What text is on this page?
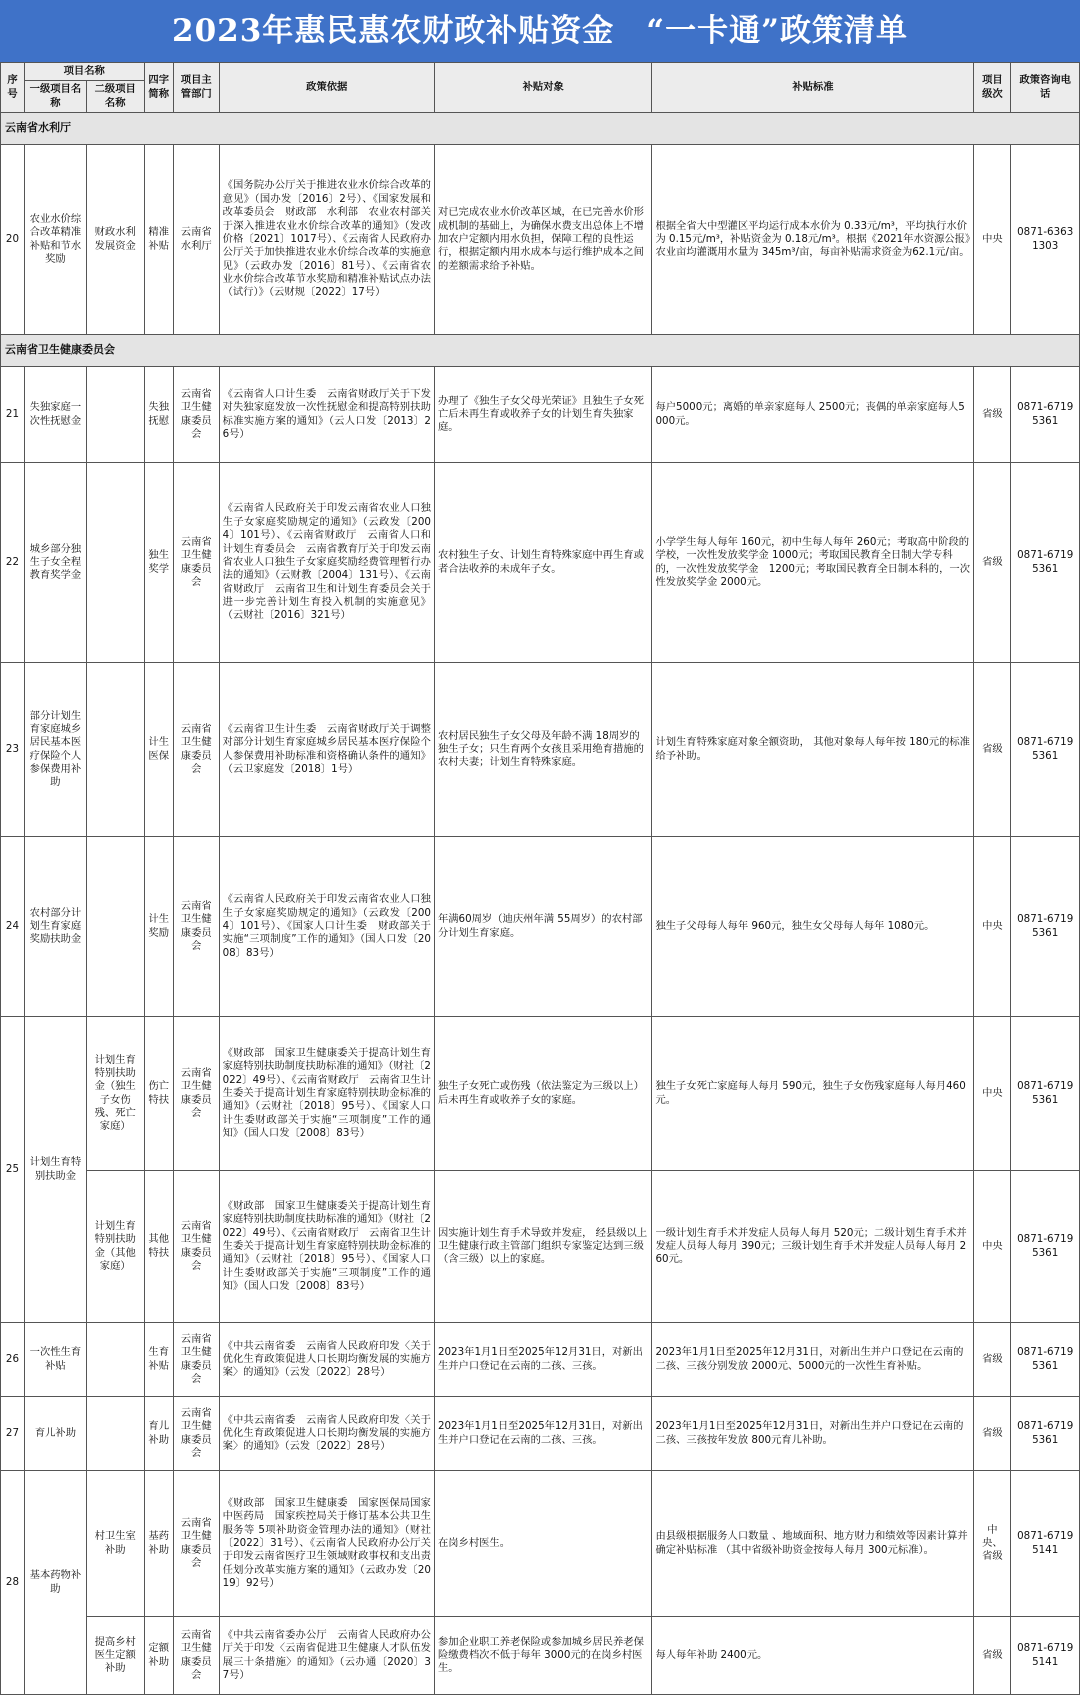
2023年惠民惠农财政补贴资金　“一卡通”政策清单
序号	项目名称		四字简称	项目主管部门	政策依据	补贴对象	补贴标准	项目级次	政策咨询电话
	一级项目名称	二级项目名称							
云南省水利厅									
20	农业水价综合改革精准补贴和节水奖励	财政水利发展资金	精准补贴	云南省水利厅	《国务院办公厅关于推进农业水价综合改革的意见》（国办发〔2016〕2号）、《国家发展和改革委员会　财政部　水利部　农业农村部关于深入推进农业水价综合改革的通知》（发改价格〔2021〕1017号）、《云南省人民政府办公厅关于加快推进农业水价综合改革的实施意见》（云政办发〔2016〕81号）、《云南省农业水价综合改革节水奖励和精准补贴试点办法（试行）》（云财规〔2022〕17号）	对已完成农业水价改革区域，在已完善水价形成机制的基础上，为确保水费支出总体上不增加农户定额内用水负担，保障工程的良性运行，根据定额内用水成本与运行维护成本之间的差额需求给予补贴。	根据全省大中型灌区平均运行成本水价为 0.33元/m³，平均执行水价为 0.15元/m³，补贴资金为 0.18元/m³。根据《2021年水资源公报》农业亩均灌溉用水量为 345m³/亩，每亩补贴需求资金为62.1元/亩。	中央	0871-63631303
云南省卫生健康委员会									
21	失独家庭一次性抚慰金		失独抚慰	云南省卫生健康委员会	《云南省人口计生委　云南省财政厅关于下发对失独家庭发放一次性抚慰金和提高特别扶助标准实施方案的通知》（云人口发〔2013〕26号）	办理了《独生子女父母光荣证》且独生子女死亡后未再生育或收养子女的计划生育失独家庭。	每户5000元；离婚的单亲家庭每人 2500元；丧偶的单亲家庭每人5000元。	省级	0871-67195361
22	城乡部分独生子女全程教育奖学金		独生奖学	云南省卫生健康委员会	《云南省人民政府关于印发云南省农业人口独生子女家庭奖励规定的通知》（云政发〔2004〕101号）、《云南省财政厅　云南省人口和计划生育委员会　云南省教育厅关于印发云南省农业人口独生子女家庭奖励经费管理暂行办法的通知》（云财教〔2004〕131号）、《云南省财政厅　云南省卫生和计划生育委员会关于进一步完善计划生育投入机制的实施意见》（云财社〔2016〕321号）	农村独生子女、计划生育特殊家庭中再生育或者合法收养的未成年子女。	小学学生每人每年 160元，初中生每人每年 260元；考取高中阶段的学校，一次性发放奖学金 1000元；考取国民教育全日制大学专科的，一次性发放奖学金　1200元；考取国民教育全日制本科的，一次性发放奖学金 2000元。	省级	0871-67195361
23	部分计划生育家庭城乡居民基本医疗保险个人参保费用补助		计生医保	云南省卫生健康委员会	《云南省卫生计生委　云南省财政厅关于调整对部分计划生育家庭城乡居民基本医疗保险个人参保费用补助标准和资格确认条件的通知》（云卫家庭发〔2018〕1号）	农村居民独生子女父母及年龄不满 18周岁的独生子女；只生育两个女孩且采用绝育措施的农村夫妻；计划生育特殊家庭。	计划生育特殊家庭对象全额资助， 其他对象每人每年按 180元的标准给予补助。	省级	0871-67195361
24	农村部分计划生育家庭奖励扶助金		计生奖励	云南省卫生健康委员会	《云南省人民政府关于印发云南省农业人口独生子女家庭奖励规定的通知》（云政发〔2004〕101号）、《国家人口计生委　财政部关于实施“三项制度”工作的通知》（国人口发〔2008〕83号）	年满60周岁（迪庆州年满 55周岁）的农村部分计划生育家庭。	独生子父母每人每年 960元，独生女父母每人每年 1080元。	中央	0871-67195361
25	计划生育特别扶助金	计划生育特别扶助金（独生子女伤残、死亡家庭）	伤亡特扶	云南省卫生健康委员会	《财政部　国家卫生健康委关于提高计划生育家庭特别扶助制度扶助标准的通知》（财社〔2022〕49号）、《云南省财政厅　云南省卫生计生委关于提高计划生育家庭特别扶助金标准的通知》（云财社〔2018〕95号）、《国家人口计生委财政部关于实施“三项制度”工作的通知》（国人口发〔2008〕83号）	独生子女死亡或伤残（依法鉴定为三级以上）后未再生育或收养子女的家庭。	独生子女死亡家庭每人每月 590元，独生子女伤残家庭每人每月460元。	中央	0871-67195361
		计划生育特别扶助金（其他家庭）	其他特扶	云南省卫生健康委员会	《财政部　国家卫生健康委关于提高计划生育家庭特别扶助制度扶助标准的通知》（财社〔2022〕49号）、《云南省财政厅　云南省卫生计生委关于提高计划生育家庭特别扶助金标准的通知》（云财社〔2018〕95号）、《国家人口计生委财政部关于实施“三项制度”工作的通知》（国人口发〔2008〕83号）	因实施计划生育手术导致并发症， 经县级以上卫生健康行政主管部门组织专家鉴定达到三级（含三级）以上的家庭。	一级计划生育手术并发症人员每人每月 520元；二级计划生育手术并发症人员每人每月 390元；三级计划生育手术并发症人员每人每月 260元。	中央	0871-67195361
26	一次性生育补贴		生育补贴	云南省卫生健康委员会	《中共云南省委　云南省人民政府印发〈关于优化生育政策促进人口长期均衡发展的实施方案〉的通知》（云发〔2022〕28号）	2023年1月1日至2025年12月31日，对新出生并户口登记在云南的二孩、三孩。	2023年1月1日至2025年12月31日，对新出生并户口登记在云南的二孩、三孩分别发放 2000元、5000元的一次性生育补贴。	省级	0871-67195361
27	育儿补助		育儿补助	云南省卫生健康委员会	《中共云南省委　云南省人民政府印发〈关于优化生育政策促进人口长期均衡发展的实施方案〉的通知》（云发〔2022〕28号）	2023年1月1日至2025年12月31日，对新出生并户口登记在云南的二孩、三孩。	2023年1月1日至2025年12月31日，对新出生并户口登记在云南的二孩、三孩按年发放 800元育儿补助。	省级	0871-67195361
28	基本药物补助	村卫生室补助	基药补助	云南省卫生健康委员会	《财政部　国家卫生健康委　国家医保局国家中医药局　国家疾控局关于修订基本公共卫生服务等 5项补助资金管理办法的通知》（财社〔2022〕31号）、《云南省人民政府办公厅关于印发云南省医疗卫生领域财政事权和支出责任划分改革实施方案的通知》（云政办发〔2019〕92号）	在岗乡村医生。	由县级根据服务人口数量 、地域面积、地方财力和绩效等因素计算并确定补贴标准 （其中省级补助资金按每人每月 300元标准）。	中央、省级	0871-67195141
		提高乡村医生定额补助	定额补助	云南省卫生健康委员会	《中共云南省委办公厅　云南省人民政府办公厅关于印发〈云南省促进卫生健康人才队伍发展三十条措施〉的通知》（云办通〔2020〕37号）	参加企业职工养老保险或参加城乡居民养老保险缴费档次不低于每年 3000元的在岗乡村医生。	每人每年补助 2400元。	省级	0871-67195141
